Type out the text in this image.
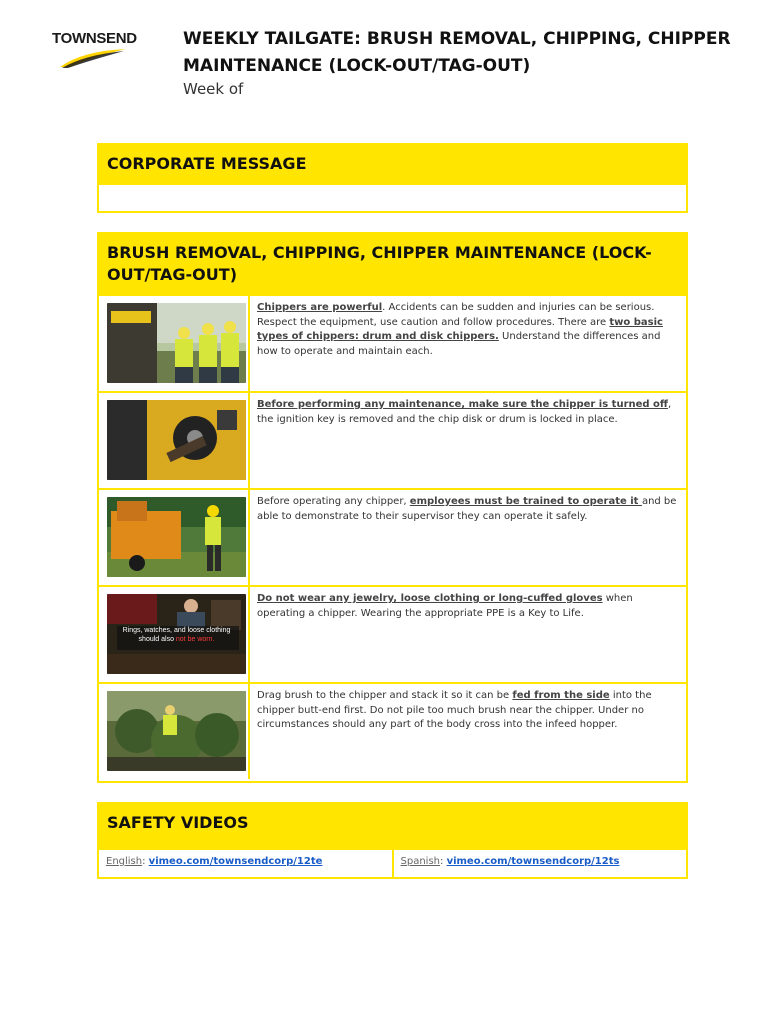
TOWNSEND	WEEKLY TAILGATE: BRUSH REMOVAL, CHIPPING, CHIPPER MAINTENANCE (LOCK-OUT/TAG-OUT)
Week of
CORPORATE MESSAGE
BRUSH REMOVAL, CHIPPING, CHIPPER MAINTENANCE (LOCK-OUT/TAG-OUT)
Chippers are powerful. Accidents can be sudden and injuries can be serious. Respect the equipment, use caution and follow procedures. There are two basic types of chippers: drum and disk chippers. Understand the differences and how to operate and maintain each.
Before performing any maintenance, make sure the chipper is turned off, the ignition key is removed and the chip disk or drum is locked in place.
Before operating any chipper, employees must be trained to operate it and be able to demonstrate to their supervisor they can operate it safely.
Rings, watches, and loose clothing
should also not be worn.
Do not wear any jewelry, loose clothing or long-cuffed gloves when operating a chipper. Wearing the appropriate PPE is a Key to Life.
Drag brush to the chipper and stack it so it can be fed from the side into the chipper butt-end first. Do not pile too much brush near the chipper. Under no circumstances should any part of the body cross into the infeed hopper.
SAFETY VIDEOS
English: vimeo.com/townsendcorp/12te	Spanish: vimeo.com/townsendcorp/12ts
